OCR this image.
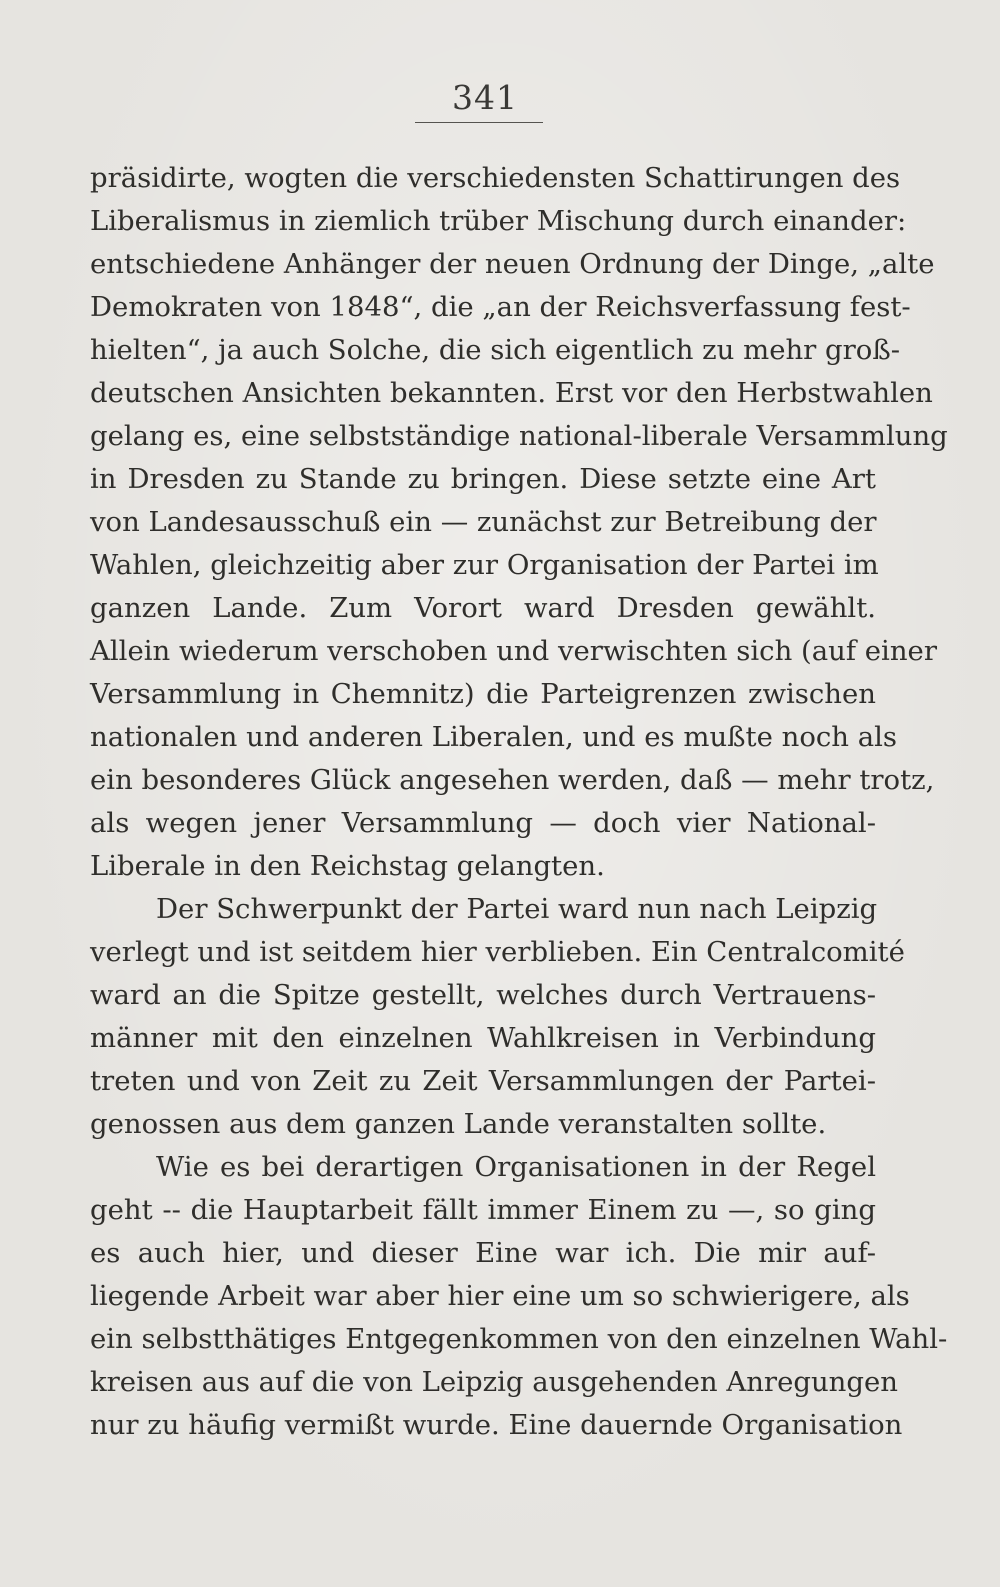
341
präsidirte, wogten die verschiedensten Schattirungen des
Liberalismus in ziemlich trüber Mischung durch einander:
entschiedene Anhänger der neuen Ordnung der Dinge, „alte
Demokraten von 1848“, die „an der Reichsverfassung fest-
hielten“, ja auch Solche, die sich eigentlich zu mehr groß-
deutschen Ansichten bekannten. Erst vor den Herbstwahlen
gelang es, eine selbstständige national-liberale Versammlung
in Dresden zu Stande zu bringen. Diese setzte eine Art
von Landesausschuß ein — zunächst zur Betreibung der
Wahlen, gleichzeitig aber zur Organisation der Partei im
ganzen Lande. Zum Vorort ward Dresden gewählt.
Allein wiederum verschoben und verwischten sich (auf einer
Versammlung in Chemnitz) die Parteigrenzen zwischen
nationalen und anderen Liberalen, und es mußte noch als
ein besonderes Glück angesehen werden, daß — mehr trotz,
als wegen jener Versammlung — doch vier National-
Liberale in den Reichstag gelangten.
Der Schwerpunkt der Partei ward nun nach Leipzig
verlegt und ist seitdem hier verblieben. Ein Centralcomité
ward an die Spitze gestellt, welches durch Vertrauens-
männer mit den einzelnen Wahlkreisen in Verbindung
treten und von Zeit zu Zeit Versammlungen der Partei-
genossen aus dem ganzen Lande veranstalten sollte.
Wie es bei derartigen Organisationen in der Regel
geht -- die Hauptarbeit fällt immer Einem zu —, so ging
es auch hier, und dieser Eine war ich. Die mir auf-
liegende Arbeit war aber hier eine um so schwierigere, als
ein selbstthätiges Entgegenkommen von den einzelnen Wahl-
kreisen aus auf die von Leipzig ausgehenden Anregungen
nur zu häufig vermißt wurde. Eine dauernde Organisation
